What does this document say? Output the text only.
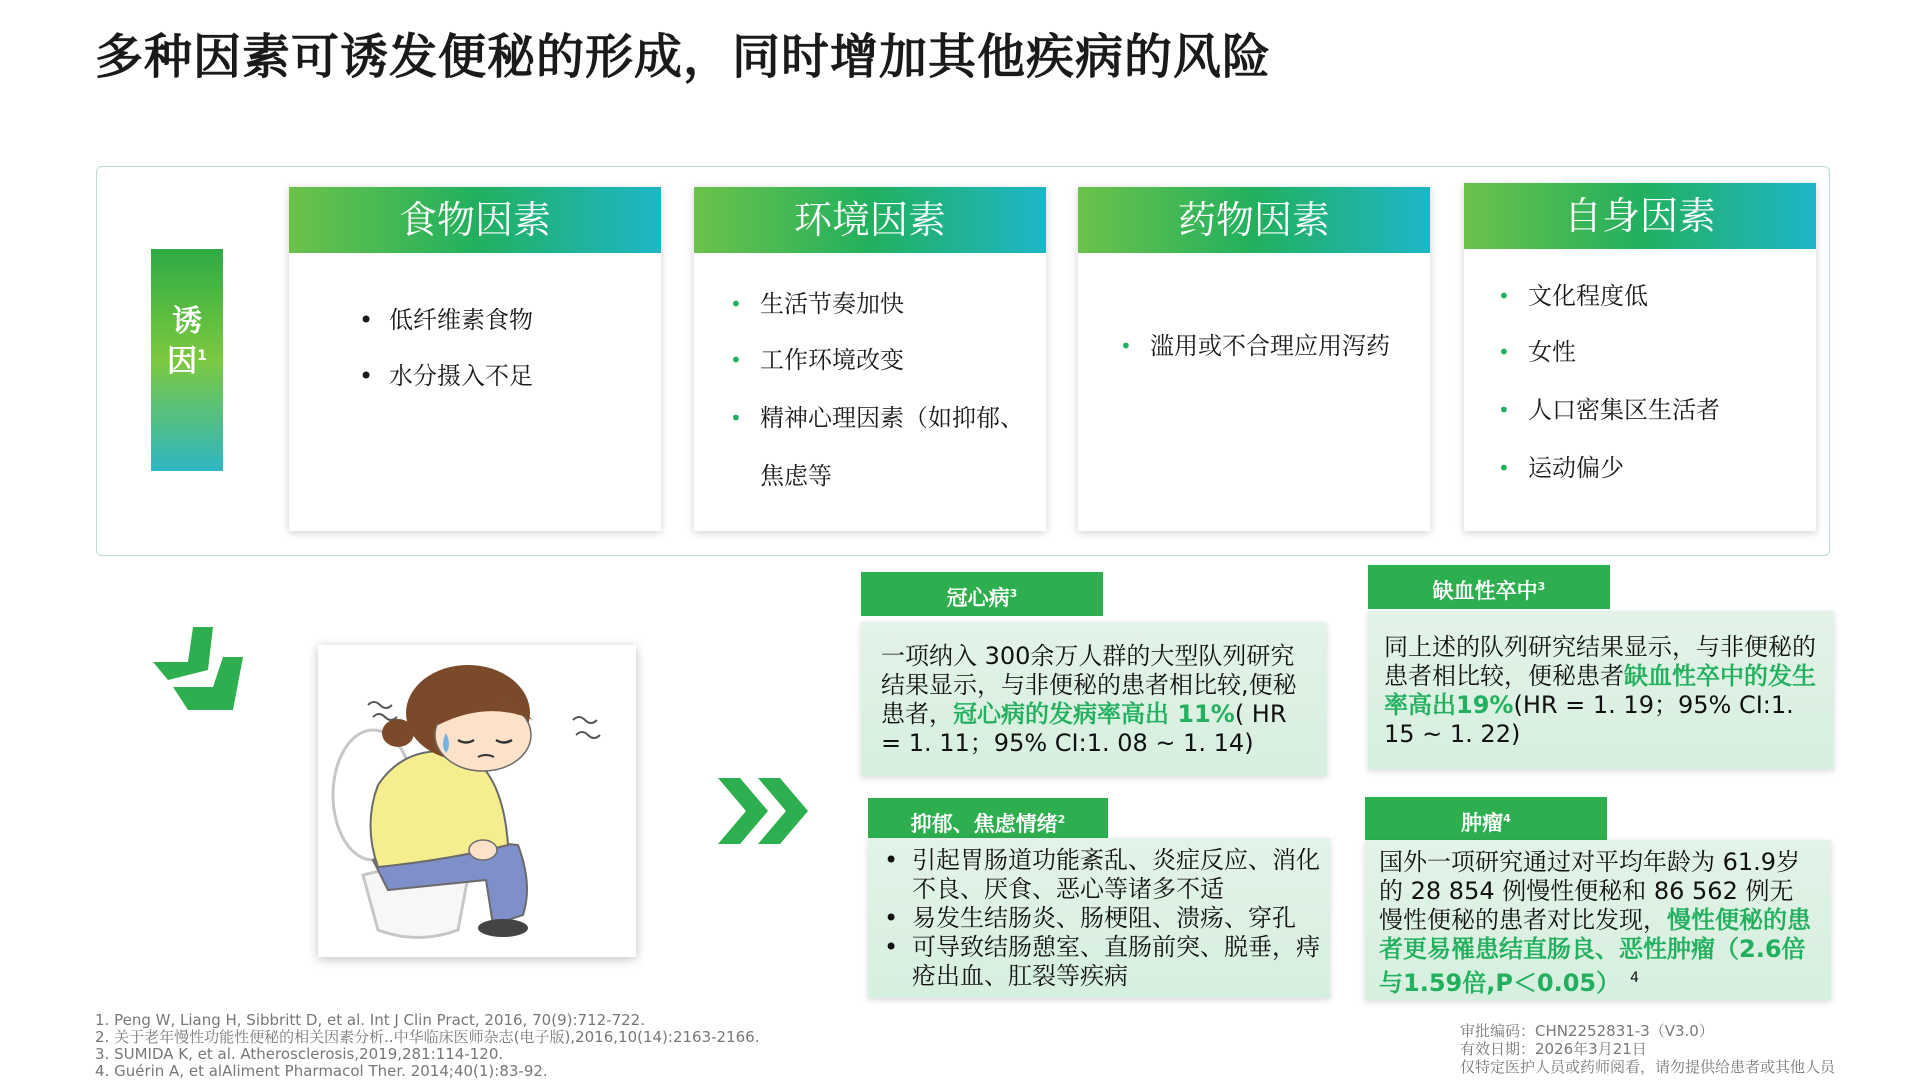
多种因素可诱发便秘的形成，同时增加其他疾病的风险
诱
因$^1$
食物因素
• 低纤维素食物
• 水分摄入不足
环境因素
• 生活节奏加快
• 工作环境改变
• 精神心理因素（如抑郁、
焦虑等
药物因素
• 滥用或不合理应用泻药
自身因素
• 文化程度低
• 女性
• 人口密集区生活者
• 运动偏少
冠心病$^3$
一项纳入 300余万人群的大型队列研究结果显示，与非便秘的患者相比较,便秘患者，冠心病的发病率高出 11%( HR = 1. 11；95% CI:1. 08 ~ 1. 14)
缺血性卒中$^3$
同上述的队列研究结果显示，与非便秘的患者相比较，便秘患者缺血性卒中的发生率高出19%(HR = 1. 19；95% CI:1. 15 ~ 1. 22)
抑郁、焦虑情绪$^2$
• 引起胃肠道功能紊乱、炎症反应、消化不良、厌食、恶心等诸多不适
• 易发生结肠炎、肠梗阻、溃疡、穿孔
• 可导致结肠憩室、直肠前突、脱垂，痔疮出血、肛裂等疾病
肿瘤$^4$
国外一项研究通过对平均年龄为 61.9岁的 28 854 例慢性便秘和 86 562 例无慢性便秘的患者对比发现，慢性便秘的患者更易罹患结直肠良、恶性肿瘤（2.6倍与1.59倍,P＜0.05） $^4$
1. Peng W, Liang H, Sibbritt D, et al. Int J Clin Pract, 2016, 70(9):712-722.
2. 关于老年慢性功能性便秘的相关因素分析..中华临床医师杂志(电子版),2016,10(14):2163-2166.
3. SUMIDA K, et al. Atherosclerosis,2019,281:114-120.
4. Guérin A, et alAliment Pharmacol Ther. 2014;40(1):83-92.
审批编码：CHN2252831-3（V3.0）
有效日期：2026年3月21日
仅特定医护人员或药师阅看，请勿提供给患者或其他人员
